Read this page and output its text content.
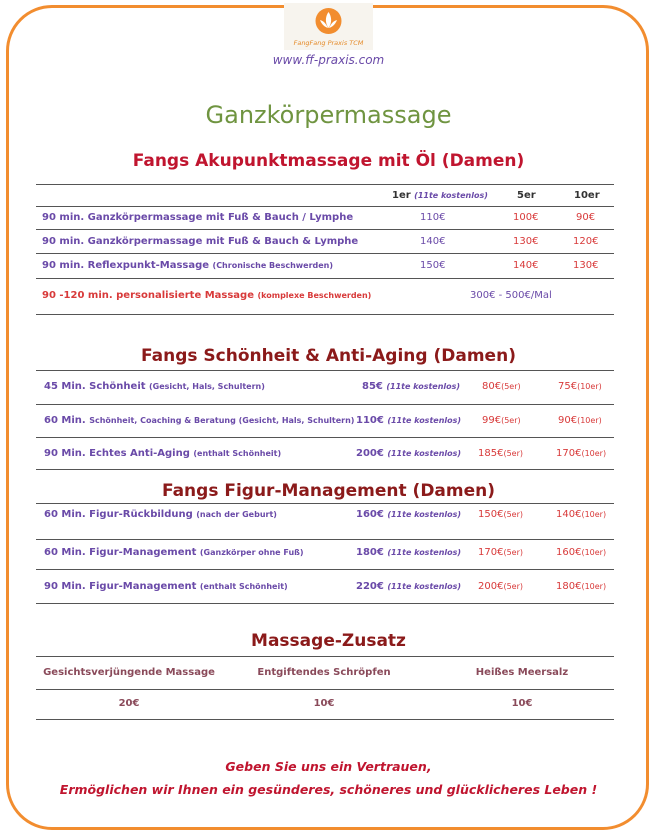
FangFang Praxis TCM
www.ff-praxis.com
Ganzkörpermassage
Fangs Akupunktmassage mit Öl (Damen)
1er (11te kostenlos)	5er	10er
90 min. Ganzkörpermassage mit Fuß & Bauch / Lymphe	110€	100€	90€
90 min. Ganzkörpermassage mit Fuß & Bauch & Lymphe	140€	130€	120€
90 min. Reflexpunkt-Massage (Chronische Beschwerden)	150€	140€	130€
90 -120 min. personalisierte Massage (komplexe Beschwerden)	300€ - 500€/Mal
Fangs Schönheit & Anti-Aging (Damen)
45 Min. Schönheit (Gesicht, Hals, Schultern)	85€ (11te kostenlos) 80€(5er)	75€(10er)
60 Min. Schönheit, Coaching & Beratung (Gesicht, Hals, Schultern) 110€ (11te kostenlos) 99€(5er)	90€(10er)
90 Min. Echtes Anti-Aging (enthalt Schönheit)	200€ (11te kostenlos) 185€(5er)	170€(10er)
Fangs Figur-Management (Damen)
60 Min. Figur-Rückbildung (nach der Geburt)	160€ (11te kostenlos) 150€(5er)	140€(10er)
60 Min. Figur-Management (Ganzkörper ohne Fuß)	180€ (11te kostenlos) 170€(5er)	160€(10er)
90 Min. Figur-Management (enthalt Schönheit)	220€ (11te kostenlos) 200€(5er)	180€(10er)
Massage-Zusatz
Gesichtsverjüngende Massage	Entgiftendes Schröpfen	Heißes Meersalz
20€	10€	10€
Geben Sie uns ein Vertrauen,
Ermöglichen wir Ihnen ein gesünderes, schöneres und glücklicheres Leben !
